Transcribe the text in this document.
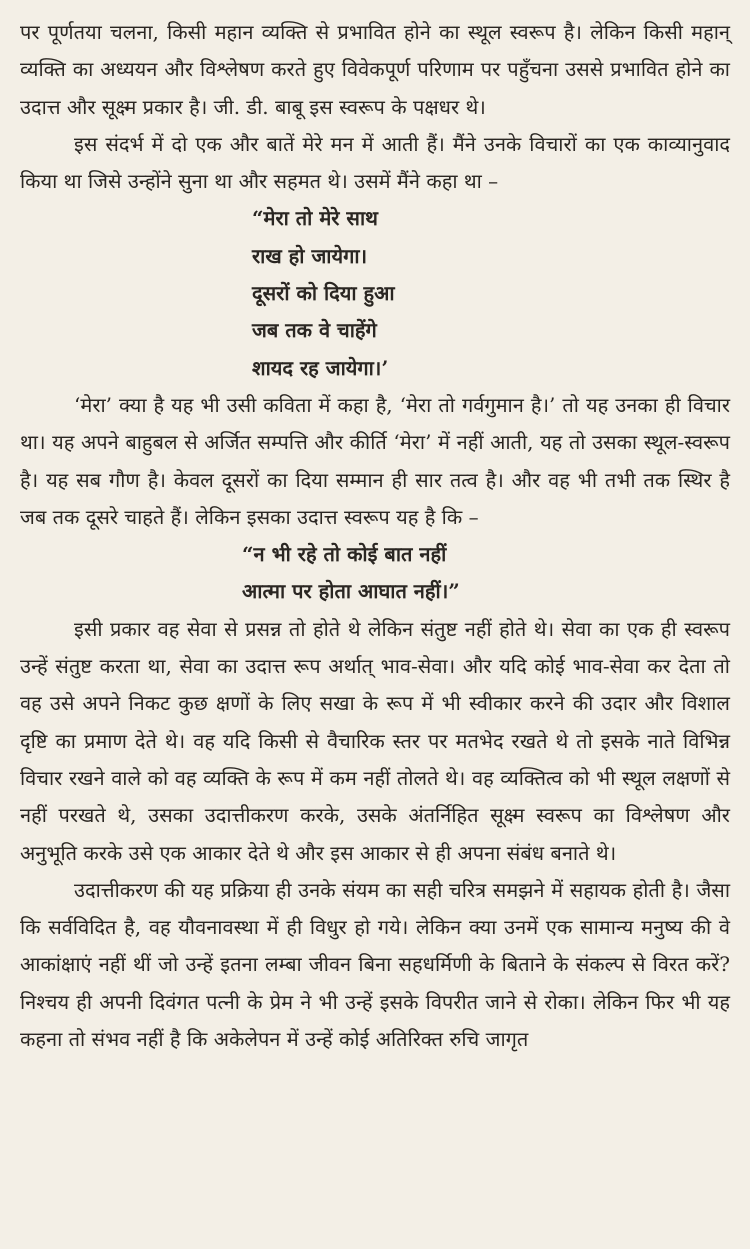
पर पूर्णतया चलना, किसी महान व्यक्ति से प्रभावित होने का स्थूल स्वरूप है। लेकिन किसी महान् व्यक्ति का अध्ययन और विश्लेषण करते हुए विवेकपूर्ण परिणाम पर पहुँचना उससे प्रभावित होने का उदात्त और सूक्ष्म प्रकार है। जी. डी. बाबू इस स्वरूप के पक्षधर थे।

इस संदर्भ में दो एक और बातें मेरे मन में आती हैं। मैंने उनके विचारों का एक काव्यानुवाद किया था जिसे उन्होंने सुना था और सहमत थे। उसमें मैंने कहा था –

“मेरा तो मेरे साथ
राख हो जायेगा।
दूसरों को दिया हुआ
जब तक वे चाहेंगे
शायद रह जायेगा।’

‘मेरा’ क्या है यह भी उसी कविता में कहा है, ‘मेरा तो गर्वगुमान है।’ तो यह उनका ही विचार था। यह अपने बाहुबल से अर्जित सम्पत्ति और कीर्ति ‘मेरा’ में नहीं आती, यह तो उसका स्थूल-स्वरूप है। यह सब गौण है। केवल दूसरों का दिया सम्मान ही सार तत्व है। और वह भी तभी तक स्थिर है जब तक दूसरे चाहते हैं। लेकिन इसका उदात्त स्वरूप यह है कि –

“न भी रहे तो कोई बात नहीं
आत्मा पर होता आघात नहीं।”

इसी प्रकार वह सेवा से प्रसन्न तो होते थे लेकिन संतुष्ट नहीं होते थे। सेवा का एक ही स्वरूप उन्हें संतुष्ट करता था, सेवा का उदात्त रूप अर्थात् भाव-सेवा। और यदि कोई भाव-सेवा कर देता तो वह उसे अपने निकट कुछ क्षणों के लिए सखा के रूप में भी स्वीकार करने की उदार और विशाल दृष्टि का प्रमाण देते थे। वह यदि किसी से वैचारिक स्तर पर मतभेद रखते थे तो इसके नाते विभिन्न विचार रखने वाले को वह व्यक्ति के रूप में कम नहीं तोलते थे। वह व्यक्तित्व को भी स्थूल लक्षणों से नहीं परखते थे, उसका उदात्तीकरण करके, उसके अंतर्निहित सूक्ष्म स्वरूप का विश्लेषण और अनुभूति करके उसे एक आकार देते थे और इस आकार से ही अपना संबंध बनाते थे।

उदात्तीकरण की यह प्रक्रिया ही उनके संयम का सही चरित्र समझने में सहायक होती है। जैसा कि सर्वविदित है, वह यौवनावस्था में ही विधुर हो गये। लेकिन क्या उनमें एक सामान्य मनुष्य की वे आकांक्षाएं नहीं थीं जो उन्हें इतना लम्बा जीवन बिना सहधर्मिणी के बिताने के संकल्प से विरत करें? निश्चय ही अपनी दिवंगत पत्नी के प्रेम ने भी उन्हें इसके विपरीत जाने से रोका। लेकिन फिर भी यह कहना तो संभव नहीं है कि अकेलेपन में उन्हें कोई अतिरिक्त रुचि जागृत
